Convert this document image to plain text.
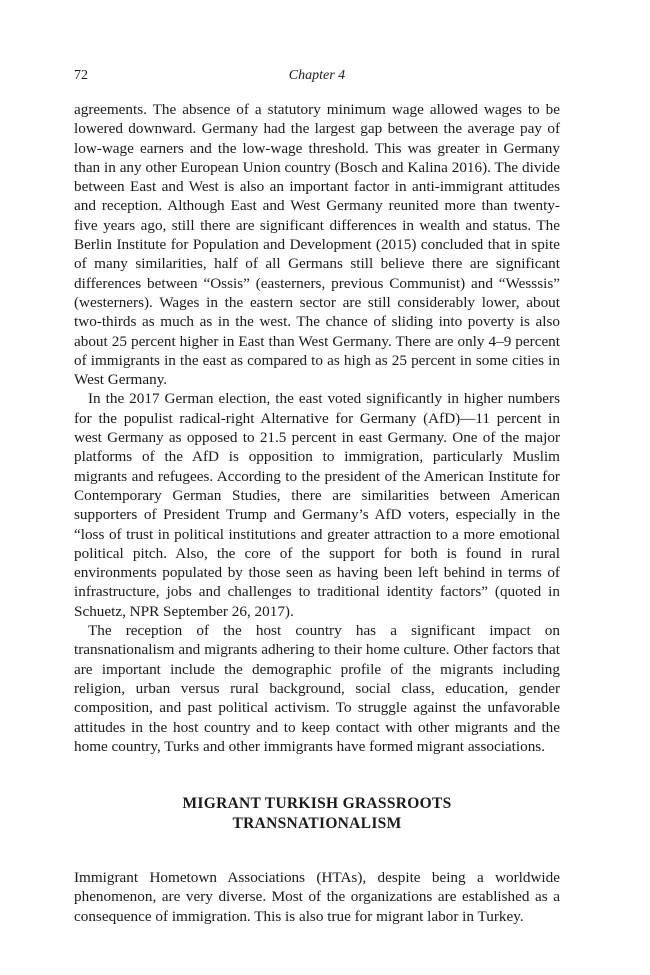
72	Chapter 4

agreements. The absence of a statutory minimum wage allowed wages to be lowered downward. Germany had the largest gap between the average pay of low-wage earners and the low-wage threshold. This was greater in Germany than in any other European Union country (Bosch and Kalina 2016). The divide between East and West is also an important factor in anti-immigrant attitudes and reception. Although East and West Germany reunited more than twenty-five years ago, still there are significant differences in wealth and status. The Berlin Institute for Population and Development (2015) concluded that in spite of many similarities, half of all Germans still believe there are significant differences between “Ossis” (easterners, previous Communist) and “Wesssis” (westerners). Wages in the eastern sector are still considerably lower, about two-thirds as much as in the west. The chance of sliding into poverty is also about 25 percent higher in East than West Germany. There are only 4–9 percent of immigrants in the east as compared to as high as 25 percent in some cities in West Germany.

In the 2017 German election, the east voted significantly in higher numbers for the populist radical-right Alternative for Germany (AfD)—11 percent in west Germany as opposed to 21.5 percent in east Germany. One of the major platforms of the AfD is opposition to immigration, particularly Muslim migrants and refugees. According to the president of the American Institute for Contemporary German Studies, there are similarities between American supporters of President Trump and Germany’s AfD voters, especially in the “loss of trust in political institutions and greater attraction to a more emotional political pitch. Also, the core of the support for both is found in rural environments populated by those seen as having been left behind in terms of infrastructure, jobs and challenges to traditional identity factors” (quoted in Schuetz, NPR September 26, 2017).

The reception of the host country has a significant impact on transnationalism and migrants adhering to their home culture. Other factors that are important include the demographic profile of the migrants including religion, urban versus rural background, social class, education, gender composition, and past political activism. To struggle against the unfavorable attitudes in the host country and to keep contact with other migrants and the home country, Turks and other immigrants have formed migrant associations.

MIGRANT TURKISH GRASSROOTS
TRANSNATIONALISM

Immigrant Hometown Associations (HTAs), despite being a worldwide phenomenon, are very diverse. Most of the organizations are established as a consequence of immigration. This is also true for migrant labor in Turkey.
